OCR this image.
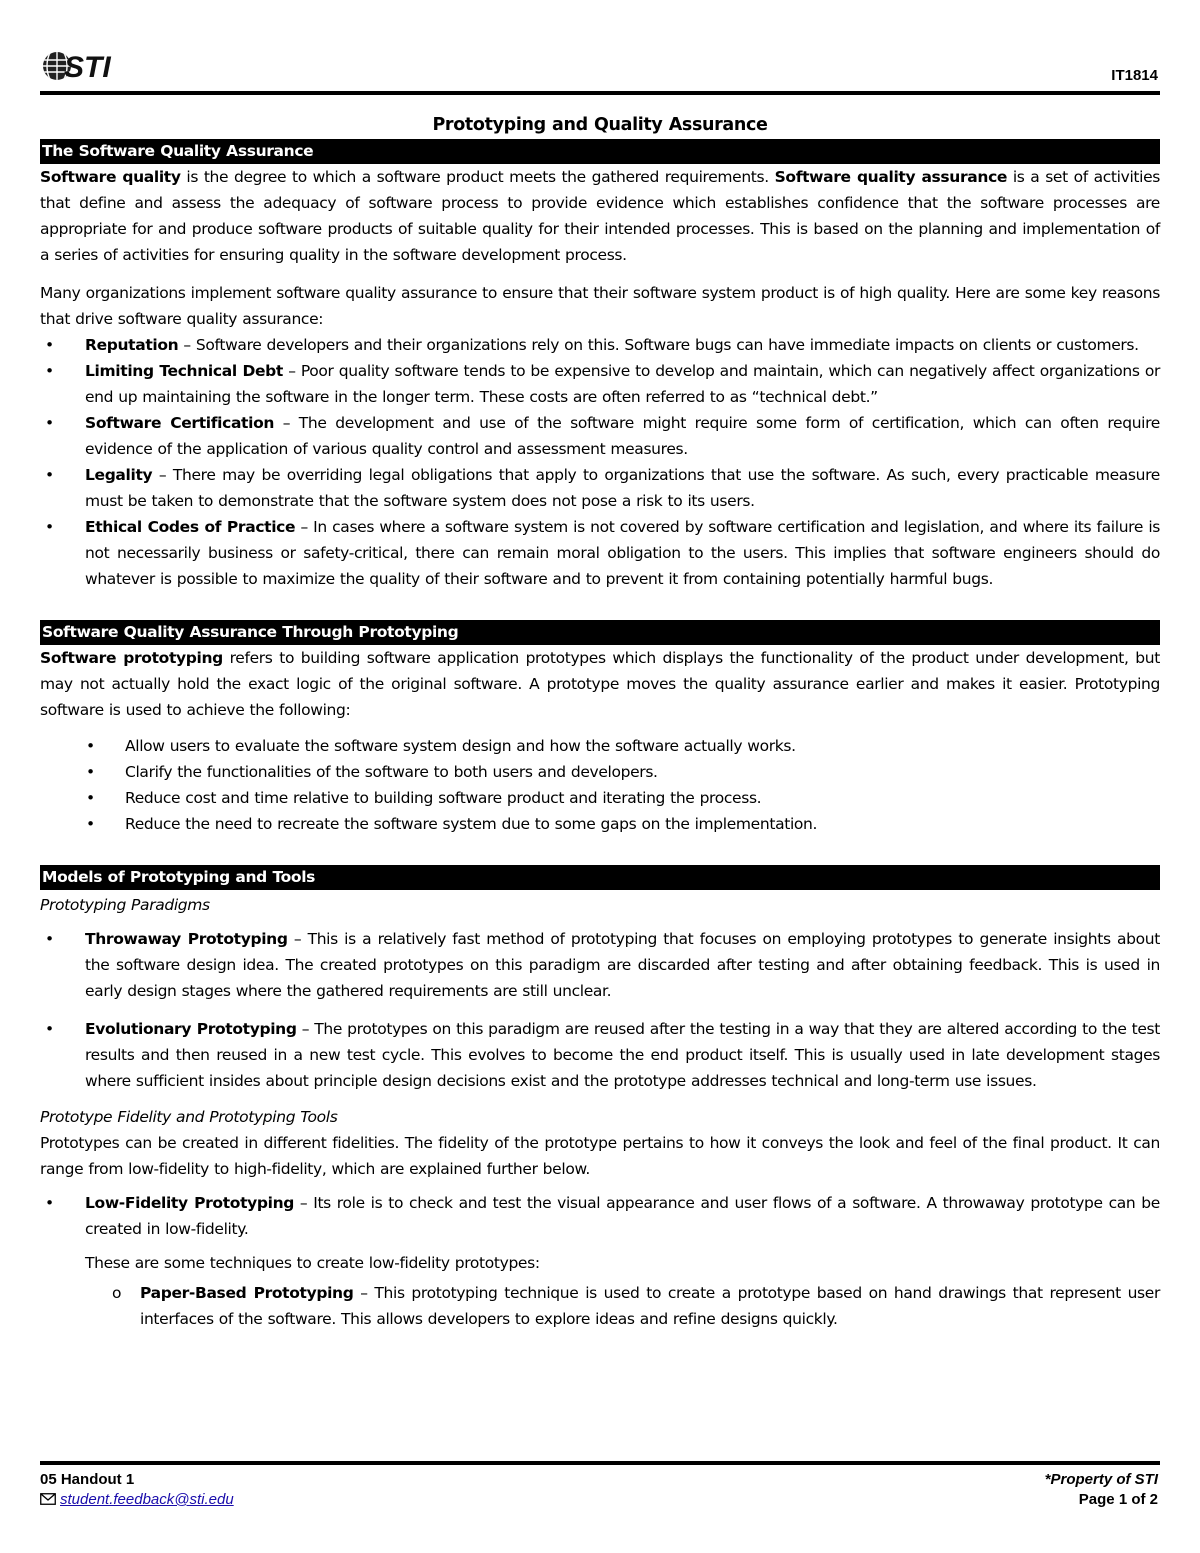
STI	IT1814
Prototyping and Quality Assurance
The Software Quality Assurance

Software quality is the degree to which a software product meets the gathered requirements. Software quality assurance is a set of activities that define and assess the adequacy of software process to provide evidence which establishes confidence that the software processes are appropriate for and produce software products of suitable quality for their intended processes. This is based on the planning and implementation of a series of activities for ensuring quality in the software development process.

Many organizations implement software quality assurance to ensure that their software system product is of high quality. Here are some key reasons that drive software quality assurance:

• Reputation – Software developers and their organizations rely on this. Software bugs can have immediate impacts on clients or customers.
• Limiting Technical Debt – Poor quality software tends to be expensive to develop and maintain, which can negatively affect organizations or end up maintaining the software in the longer term. These costs are often referred to as “technical debt.”
• Software Certification – The development and use of the software might require some form of certification, which can often require evidence of the application of various quality control and assessment measures.
• Legality – There may be overriding legal obligations that apply to organizations that use the software. As such, every practicable measure must be taken to demonstrate that the software system does not pose a risk to its users.
• Ethical Codes of Practice – In cases where a software system is not covered by software certification and legislation, and where its failure is not necessarily business or safety-critical, there can remain moral obligation to the users. This implies that software engineers should do whatever is possible to maximize the quality of their software and to prevent it from containing potentially harmful bugs.
Software Quality Assurance Through Prototyping

Software prototyping refers to building software application prototypes which displays the functionality of the product under development, but may not actually hold the exact logic of the original software. A prototype moves the quality assurance earlier and makes it easier. Prototyping software is used to achieve the following:

• Allow users to evaluate the software system design and how the software actually works.
• Clarify the functionalities of the software to both users and developers.
• Reduce cost and time relative to building software product and iterating the process.
• Reduce the need to recreate the software system due to some gaps on the implementation.
Models of Prototyping and Tools

Prototyping Paradigms

• Throwaway Prototyping – This is a relatively fast method of prototyping that focuses on employing prototypes to generate insights about the software design idea. The created prototypes on this paradigm are discarded after testing and after obtaining feedback. This is used in early design stages where the gathered requirements are still unclear.
• Evolutionary Prototyping – The prototypes on this paradigm are reused after the testing in a way that they are altered according to the test results and then reused in a new test cycle. This evolves to become the end product itself. This is usually used in late development stages where sufficient insides about principle design decisions exist and the prototype addresses technical and long-term use issues.

Prototype Fidelity and Prototyping Tools

Prototypes can be created in different fidelities. The fidelity of the prototype pertains to how it conveys the look and feel of the final product. It can range from low-fidelity to high-fidelity, which are explained further below.

• Low-Fidelity Prototyping – Its role is to check and test the visual appearance and user flows of a software. A throwaway prototype can be created in low-fidelity.

These are some techniques to create low-fidelity prototypes:

o Paper-Based Prototyping – This prototyping technique is used to create a prototype based on hand drawings that represent user interfaces of the software. This allows developers to explore ideas and refine designs quickly.
05 Handout 1
student.feedback@sti.edu
*Property of STI
Page 1 of 2
